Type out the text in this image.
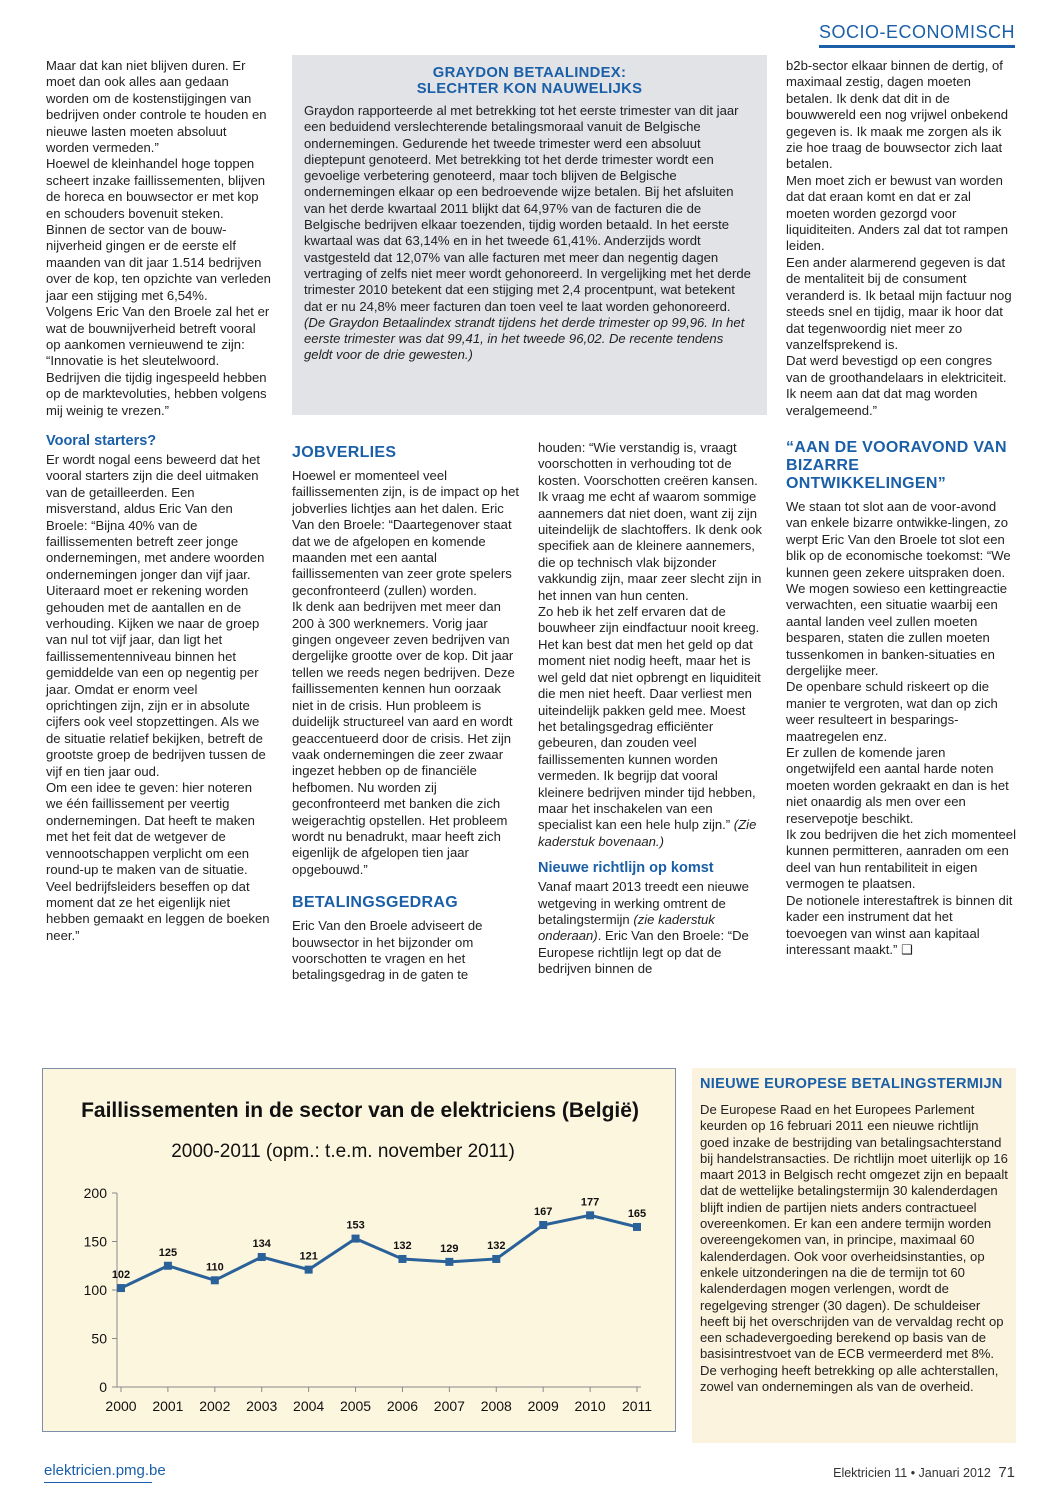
SOCIO-ECONOMISCH

Maar dat kan niet blijven duren. Er moet dan ook alles aan gedaan worden om de kostenstijgingen van bedrijven onder controle te houden en nieuwe lasten moeten absoluut worden vermeden.”

Hoewel de kleinhandel hoge toppen scheert inzake faillissementen, blijven de horeca en bouwsector er met kop en schouders bovenuit steken.

Binnen de sector van de bouw-nijverheid gingen er de eerste elf maanden van dit jaar 1.514 bedrijven over de kop, ten opzichte van verleden jaar een stijging met 6,54%.

Volgens Eric Van den Broele zal het er wat de bouwnijverheid betreft vooral op aankomen vernieuwend te zijn: “Innovatie is het sleutelwoord. Bedrijven die tijdig ingespeeld hebben op de marktevoluties, hebben volgens mij weinig te vrezen.”

Vooral starters?

Er wordt nogal eens beweerd dat het vooral starters zijn die deel uitmaken van de getailleerden. Een misverstand, aldus Eric Van den Broele: “Bijna 40% van de faillissementen betreft zeer jonge ondernemingen, met andere woorden ondernemingen jonger dan vijf jaar.

Uiteraard moet er rekening worden gehouden met de aantallen en de verhouding. Kijken we naar de groep van nul tot vijf jaar, dan ligt het faillissementenniveau binnen het gemiddelde van een op negentig per jaar. Omdat er enorm veel oprichtingen zijn, zijn er in absolute cijfers ook veel stopzettingen. Als we de situatie relatief bekijken, betreft de grootste groep de bedrijven tussen de vijf en tien jaar oud.

Om een idee te geven: hier noteren we één faillissement per veertig ondernemingen. Dat heeft te maken met het feit dat de wetgever de vennootschappen verplicht om een round-up te maken van de situatie.

Veel bedrijfsleiders beseffen op dat moment dat ze het eigenlijk niet hebben gemaakt en leggen de boeken neer.”

GRAYDON BETAALINDEX:
SLECHTER KON NAUWELIJKS

Graydon rapporteerde al met betrekking tot het eerste trimester van dit jaar een beduidend verslechterende betalingsmoraal vanuit de Belgische ondernemingen. Gedurende het tweede trimester werd een absoluut dieptepunt genoteerd. Met betrekking tot het derde trimester wordt een gevoelige verbetering genoteerd, maar toch blijven de Belgische ondernemingen elkaar op een bedroevende wijze betalen. Bij het afsluiten van het derde kwartaal 2011 blijkt dat 64,97% van de facturen die de Belgische bedrijven elkaar toezenden, tijdig worden betaald. In het eerste kwartaal was dat 63,14% en in het tweede 61,41%. Anderzijds wordt vastgesteld dat 12,07% van alle facturen met meer dan negentig dagen vertraging of zelfs niet meer wordt gehonoreerd. In vergelijking met het derde trimester 2010 betekent dat een stijging met 2,4 procentpunt, wat betekent dat er nu 24,8% meer facturen dan toen veel te laat worden gehonoreerd.

(De Graydon Betaalindex strandt tijdens het derde trimester op 99,96. In het eerste trimester was dat 99,41, in het tweede 96,02. De recente tendens geldt voor de drie gewesten.)

JOBVERLIES

Hoewel er momenteel veel faillissementen zijn, is de impact op het jobverlies lichtjes aan het dalen. Eric Van den Broele: “Daartegenover staat dat we de afgelopen en komende maanden met een aantal faillissementen van zeer grote spelers geconfronteerd (zullen) worden.

Ik denk aan bedrijven met meer dan 200 à 300 werknemers. Vorig jaar gingen ongeveer zeven bedrijven van dergelijke grootte over de kop. Dit jaar tellen we reeds negen bedrijven. Deze faillissementen kennen hun oorzaak niet in de crisis. Hun probleem is duidelijk structureel van aard en wordt geaccentueerd door de crisis. Het zijn vaak ondernemingen die zeer zwaar ingezet hebben op de financiële hefbomen. Nu worden zij geconfronteerd met banken die zich weigerachtig opstellen. Het probleem wordt nu benadrukt, maar heeft zich eigenlijk de afgelopen tien jaar opgebouwd.”

BETALINGSGEDRAG

Eric Van den Broele adviseert de bouwsector in het bijzonder om voorschotten te vragen en het betalingsgedrag in de gaten te

houden: “Wie verstandig is, vraagt voorschotten in verhouding tot de kosten. Voorschotten creëren kansen. Ik vraag me echt af waarom sommige aannemers dat niet doen, want zij zijn uiteindelijk de slachtoffers. Ik denk ook specifiek aan de kleinere aannemers, die op technisch vlak bijzonder vakkundig zijn, maar zeer slecht zijn in het innen van hun centen.

Zo heb ik het zelf ervaren dat de bouwheer zijn eindfactuur nooit kreeg. Het kan best dat men het geld op dat moment niet nodig heeft, maar het is wel geld dat niet opbrengt en liquiditeit die men niet heeft. Daar verliest men uiteindelijk pakken geld mee. Moest het betalingsgedrag efficiënter gebeuren, dan zouden veel faillissementen kunnen worden vermeden. Ik begrijp dat vooral kleinere bedrijven minder tijd hebben, maar het inschakelen van een specialist kan een hele hulp zijn.” (Zie kaderstuk bovenaan.)

Nieuwe richtlijn op komst

Vanaf maart 2013 treedt een nieuwe wetgeving in werking omtrent de betalingstermijn (zie kaderstuk onderaan). Eric Van den Broele: “De Europese richtlijn legt op dat de bedrijven binnen de

b2b-sector elkaar binnen de dertig, of maximaal zestig, dagen moeten betalen. Ik denk dat dit in de bouwwereld een nog vrijwel onbekend gegeven is. Ik maak me zorgen als ik zie hoe traag de bouwsector zich laat betalen.

Men moet zich er bewust van worden dat dat eraan komt en dat er zal moeten worden gezorgd voor liquiditeiten. Anders zal dat tot rampen leiden.

Een ander alarmerend gegeven is dat de mentaliteit bij de consument veranderd is. Ik betaal mijn factuur nog steeds snel en tijdig, maar ik hoor dat dat tegenwoordig niet meer zo vanzelfsprekend is.

Dat werd bevestigd op een congres van de groothandelaars in elektriciteit. Ik neem aan dat dat mag worden veralgemeend.”

“AAN DE VOORAVOND VAN BIZARRE ONTWIKKELINGEN”

We staan tot slot aan de voor-avond van enkele bizarre ontwikke-lingen, zo werpt Eric Van den Broele tot slot een blik op de economische toekomst: “We kunnen geen zekere uitspraken doen. We mogen sowieso een kettingreactie verwachten, een situatie waarbij een aantal landen veel zullen moeten besparen, staten die zullen moeten tussenkomen in banken-situaties en dergelijke meer.

De openbare schuld riskeert op die manier te vergroten, wat dan op zich weer resulteert in besparings-maatregelen enz.

Er zullen de komende jaren ongetwijfeld een aantal harde noten moeten worden gekraakt en dan is het niet onaardig als men over een reservepotje beschikt.

Ik zou bedrijven die het zich momenteel kunnen permitteren, aanraden om een deel van hun rentabiliteit in eigen vermogen te plaatsen.

De notionele interestaftrek is binnen dit kader een instrument dat het toevoegen van winst aan kapitaal interessant maakt.” ❑

Faillissementen in de sector van de elektriciens (België)
2000-2011 (opm.: t.e.m. november 2011)
0
50
100
150
200
2000 2001 2002 2003 2004 2005 2006 2007 2008 2009 2010 2011
102
125
110
134
121
153
132	129	132
167
177
165
NIEUWE EUROPESE BETALINGSTERMIJN

De Europese Raad en het Europees Parlement keurden op 16 februari 2011 een nieuwe richtlijn goed inzake de bestrijding van betalingsachterstand bij handelstransacties. De richtlijn moet uiterlijk op 16 maart 2013 in Belgisch recht omgezet zijn en bepaalt dat de wettelijke betalingstermijn 30 kalenderdagen blijft indien de partijen niets anders contractueel overeenkomen. Er kan een andere termijn worden overeengekomen van, in principe, maximaal 60 kalenderdagen. Ook voor overheidsinstanties, op enkele uitzonderingen na die de termijn tot 60 kalenderdagen mogen verlengen, wordt de regelgeving strenger (30 dagen). De schuldeiser heeft bij het overschrijden van de vervaldag recht op een schadevergoeding berekend op basis van de basisintrestvoet van de ECB vermeerderd met 8%. De verhoging heeft betrekking op alle achterstallen, zowel van ondernemingen als van de overheid.

elektricien.pmg.be	Elektricien 11 • Januari 2012 71
